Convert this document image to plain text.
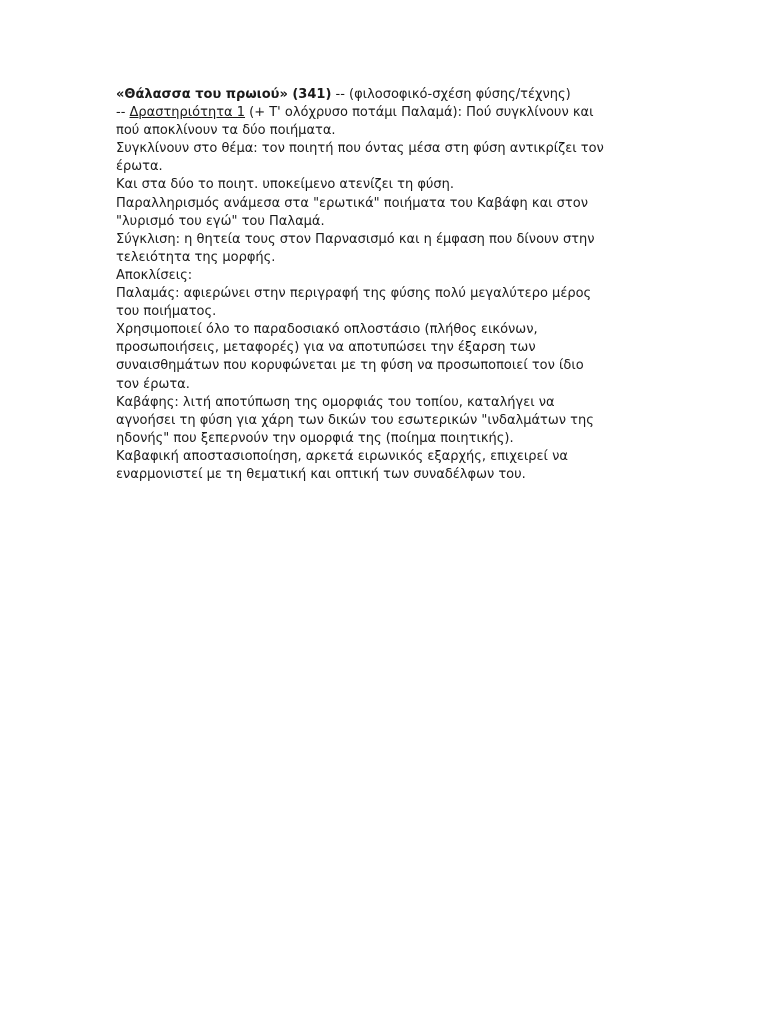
«Θάλασσα του πρωιού» (341) -- (φιλοσοφικό-σχέση φύσης/τέχνης)
-- Δραστηριότητα 1 (+ Τ' ολόχρυσο ποτάμι Παλαμά): Πού συγκλίνουν και
πού αποκλίνουν τα δύο ποιήματα.
Συγκλίνουν στο θέμα: τον ποιητή που όντας μέσα στη φύση αντικρίζει τον
έρωτα.
Και στα δύο το ποιητ. υποκείμενο ατενίζει τη φύση.
Παραλληρισμός ανάμεσα στα "ερωτικά" ποιήματα του Καβάφη και στον
"λυρισμό του εγώ" του Παλαμά.
Σύγκλιση: η θητεία τους στον Παρνασισμό και η έμφαση που δίνουν στην
τελειότητα της μορφής.
Αποκλίσεις:
Παλαμάς: αφιερώνει στην περιγραφή της φύσης πολύ μεγαλύτερο μέρος
του ποιήματος.
Χρησιμοποιεί όλο το παραδοσιακό οπλοστάσιο (πλήθος εικόνων,
προσωποιήσεις, μεταφορές) για να αποτυπώσει την έξαρση των
συναισθημάτων που κορυφώνεται με τη φύση να προσωποποιεί τον ίδιο
τον έρωτα.
Καβάφης: λιτή αποτύπωση της ομορφιάς του τοπίου, καταλήγει να
αγνοήσει τη φύση για χάρη των δικών του εσωτερικών "ινδαλμάτων της
ηδονής" που ξεπερνούν την ομορφιά της (ποίημα ποιητικής).
Καβαφική αποστασιοποίηση, αρκετά ειρωνικός εξαρχής, επιχειρεί να
εναρμονιστεί με τη θεματική και οπτική των συναδέλφων του.
